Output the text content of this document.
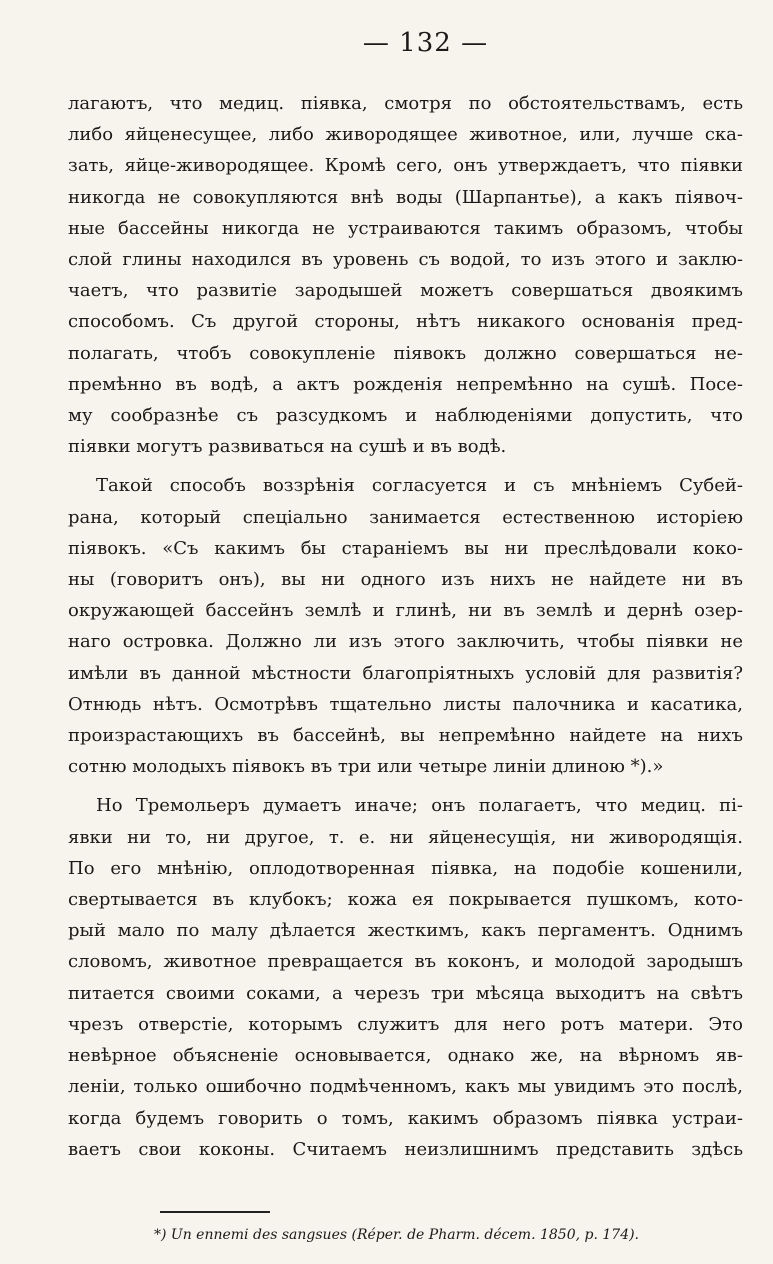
— 132 —
лагаютъ, что медиц. піявка, смотря по обстоятельствамъ, есть
либо яйценесущее, либо живородящее животное, или, лучше ска-
зать, яйце-живородящее. Кромѣ сего, онъ утверждаетъ, что піявки
никогда не совокупляются внѣ воды (Шарпантье), а какъ піявоч-
ные бассейны никогда не устраиваются такимъ образомъ, чтобы
слой глины находился въ уровень съ водой, то изъ этого и заклю-
чаетъ, что развитіе зародышей можетъ совершаться двоякимъ
способомъ. Съ другой стороны, нѣтъ никакого основанія пред-
полагать, чтобъ совокупленіе піявокъ должно совершаться не-
премѣнно въ водѣ, а актъ рожденія непремѣнно на сушѣ. Посе-
му сообразнѣе съ разсудкомъ и наблюденіями допустить, что
піявки могутъ развиваться на сушѣ и въ водѣ.
Такой способъ воззрѣнія согласуется и съ мнѣніемъ Субей-
рана, который спеціально занимается естественною исторіею
піявокъ. «Съ какимъ бы стараніемъ вы ни преслѣдовали коко-
ны (говоритъ онъ), вы ни одного изъ нихъ не найдете ни въ
окружающей бассейнъ землѣ и глинѣ, ни въ землѣ и дернѣ озер-
наго островка. Должно ли изъ этого заключить, чтобы піявки не
имѣли въ данной мѣстности благопріятныхъ условій для развитія?
Отнюдь нѣтъ. Осмотрѣвъ тщательно листы палочника и касатика,
произрастающихъ въ бассейнѣ, вы непремѣнно найдете на нихъ
сотню молодыхъ піявокъ въ три или четыре линіи длиною *).»
Но Тремольеръ думаетъ иначе; онъ полагаетъ, что медиц. пі-
явки ни то, ни другое, т. е. ни яйценесущія, ни живородящія.
По его мнѣнію, оплодотворенная піявка, на подобіе кошенили,
свертывается въ клубокъ; кожа ея покрывается пушкомъ, кото-
рый мало по малу дѣлается жесткимъ, какъ пергаментъ. Однимъ
словомъ, животное превращается въ коконъ, и молодой зародышъ
питается своими соками, а черезъ три мѣсяца выходитъ на свѣтъ
чрезъ отверстіе, которымъ служитъ для него ротъ матери. Это
невѣрное объясненіе основывается, однако же, на вѣрномъ яв-
леніи, только ошибочно подмѣченномъ, какъ мы увидимъ это послѣ,
когда будемъ говорить о томъ, какимъ образомъ піявка устраи-
ваетъ свои коконы. Считаемъ неизлишнимъ представить здѣсь
*) Un ennemi des sangsues (Réper. de Pharm. décem. 1850, p. 174).
